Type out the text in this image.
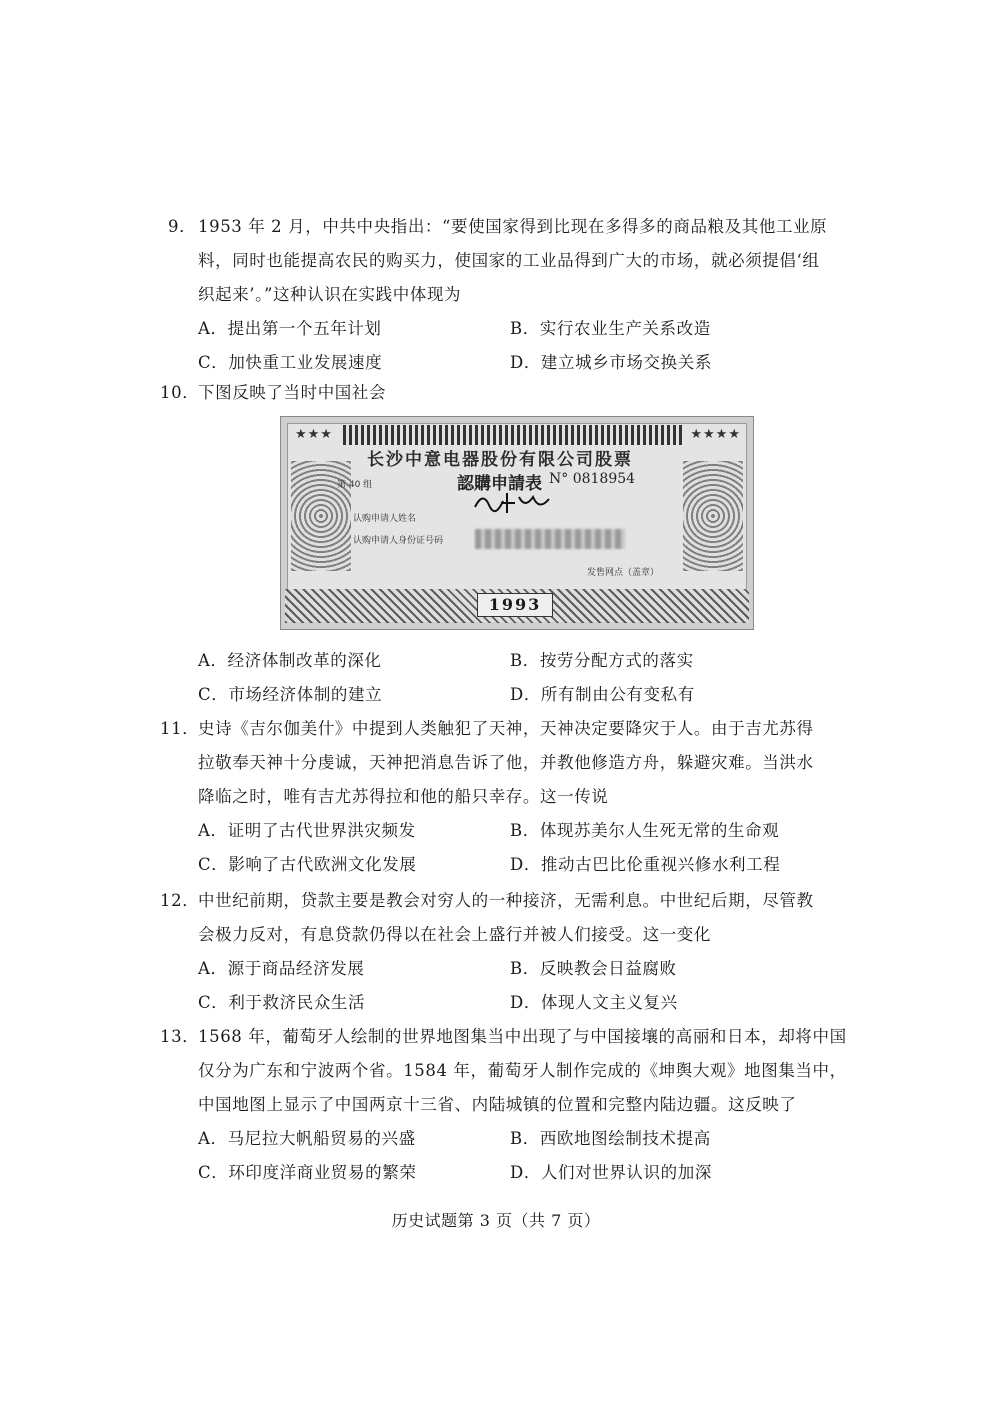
9． 1953 年 2 月，中共中央指出：“要使国家得到比现在多得多的商品粮及其他工业原
料，同时也能提高农民的购买力，使国家的工业品得到广大的市场，就必须提倡‘组
织起来’。”这种认识在实践中体现为
A．提出第一个五年计划	B．实行农业生产关系改造
C．加快重工业发展速度	D．建立城乡市场交换关系
10．
下图反映了当时中国社会
★★★	★★★★
长沙中意电器股份有限公司股票
第 40 组	認購申請表 N° 0818954
认购申请人姓名
认购申请人身份证号码
发售网点（盖章）
1993
A．经济体制改革的深化	B．按劳分配方式的落实
C．市场经济体制的建立	D．所有制由公有变私有
11．
史诗《吉尔伽美什》中提到人类触犯了天神，天神决定要降灾于人。由于吉尤苏得
拉敬奉天神十分虔诚，天神把消息告诉了他，并教他修造方舟，躲避灾难。当洪水
降临之时，唯有吉尤苏得拉和他的船只幸存。这一传说
A．证明了古代世界洪灾频发	B．体现苏美尔人生死无常的生命观
C．影响了古代欧洲文化发展	D．推动古巴比伦重视兴修水利工程
12．
中世纪前期，贷款主要是教会对穷人的一种接济，无需利息。中世纪后期，尽管教
会极力反对，有息贷款仍得以在社会上盛行并被人们接受。这一变化
A．源于商品经济发展	B．反映教会日益腐败
C．利于救济民众生活	D．体现人文主义复兴
13．
1568 年，葡萄牙人绘制的世界地图集当中出现了与中国接壤的高丽和日本，却将中国
仅分为广东和宁波两个省。1584 年，葡萄牙人制作完成的《坤舆大观》地图集当中，
中国地图上显示了中国两京十三省、内陆城镇的位置和完整内陆边疆。这反映了
A．马尼拉大帆船贸易的兴盛	B．西欧地图绘制技术提高
C．环印度洋商业贸易的繁荣	D．人们对世界认识的加深
历史试题第 3 页（共 7 页）
